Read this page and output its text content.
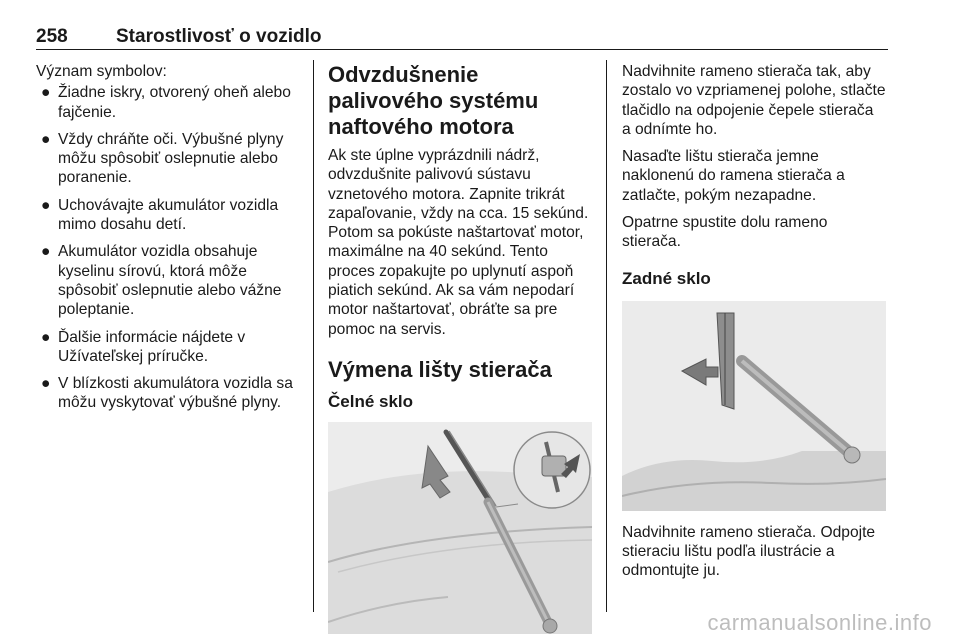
258	Starostlivosť o vozidlo

Význam symbolov:

● Žiadne iskry, otvorený oheň alebo fajčenie.
● Vždy chráňte oči. Výbušné plyny môžu spôsobiť oslepnutie alebo poranenie.
● Uchovávajte akumulátor vozidla mimo dosahu detí.
● Akumulátor vozidla obsahuje kyselinu sírovú, ktorá môže spôsobiť oslepnutie alebo vážne poleptanie.
● Ďalšie informácie nájdete v Užívateľskej príručke.
● V blízkosti akumulátora vozidla sa môžu vyskytovať výbušné plyny.
Odvzdušnenie palivového systému naftového motora

Ak ste úplne vyprázdnili nádrž, odvzdušnite palivovú sústavu vznetového motora. Zapnite trikrát zapaľovanie, vždy na cca. 15 sekúnd. Potom sa pokúste naštartovať motor, maximálne na 40 sekúnd. Tento proces zopakujte po uplynutí aspoň piatich sekúnd. Ak sa vám nepodarí motor naštartovať, obráťte sa pre pomoc na servis.

Výmena lišty stierača
Čelné sklo

Nadvihnite rameno stierača tak, aby zostalo vo vzpriamenej polohe, stlačte tlačidlo na odpojenie čepele stierača a odnímte ho.

Nasaďte lištu stierača jemne naklonenú do ramena stierača a zatlačte, pokým nezapadne.

Opatrne spustite dolu rameno stierača.

Zadné sklo

Nadvihnite rameno stierača. Odpojte stieraciu lištu podľa ilustrácie a odmontujte ju.

carmanualsonline.info
